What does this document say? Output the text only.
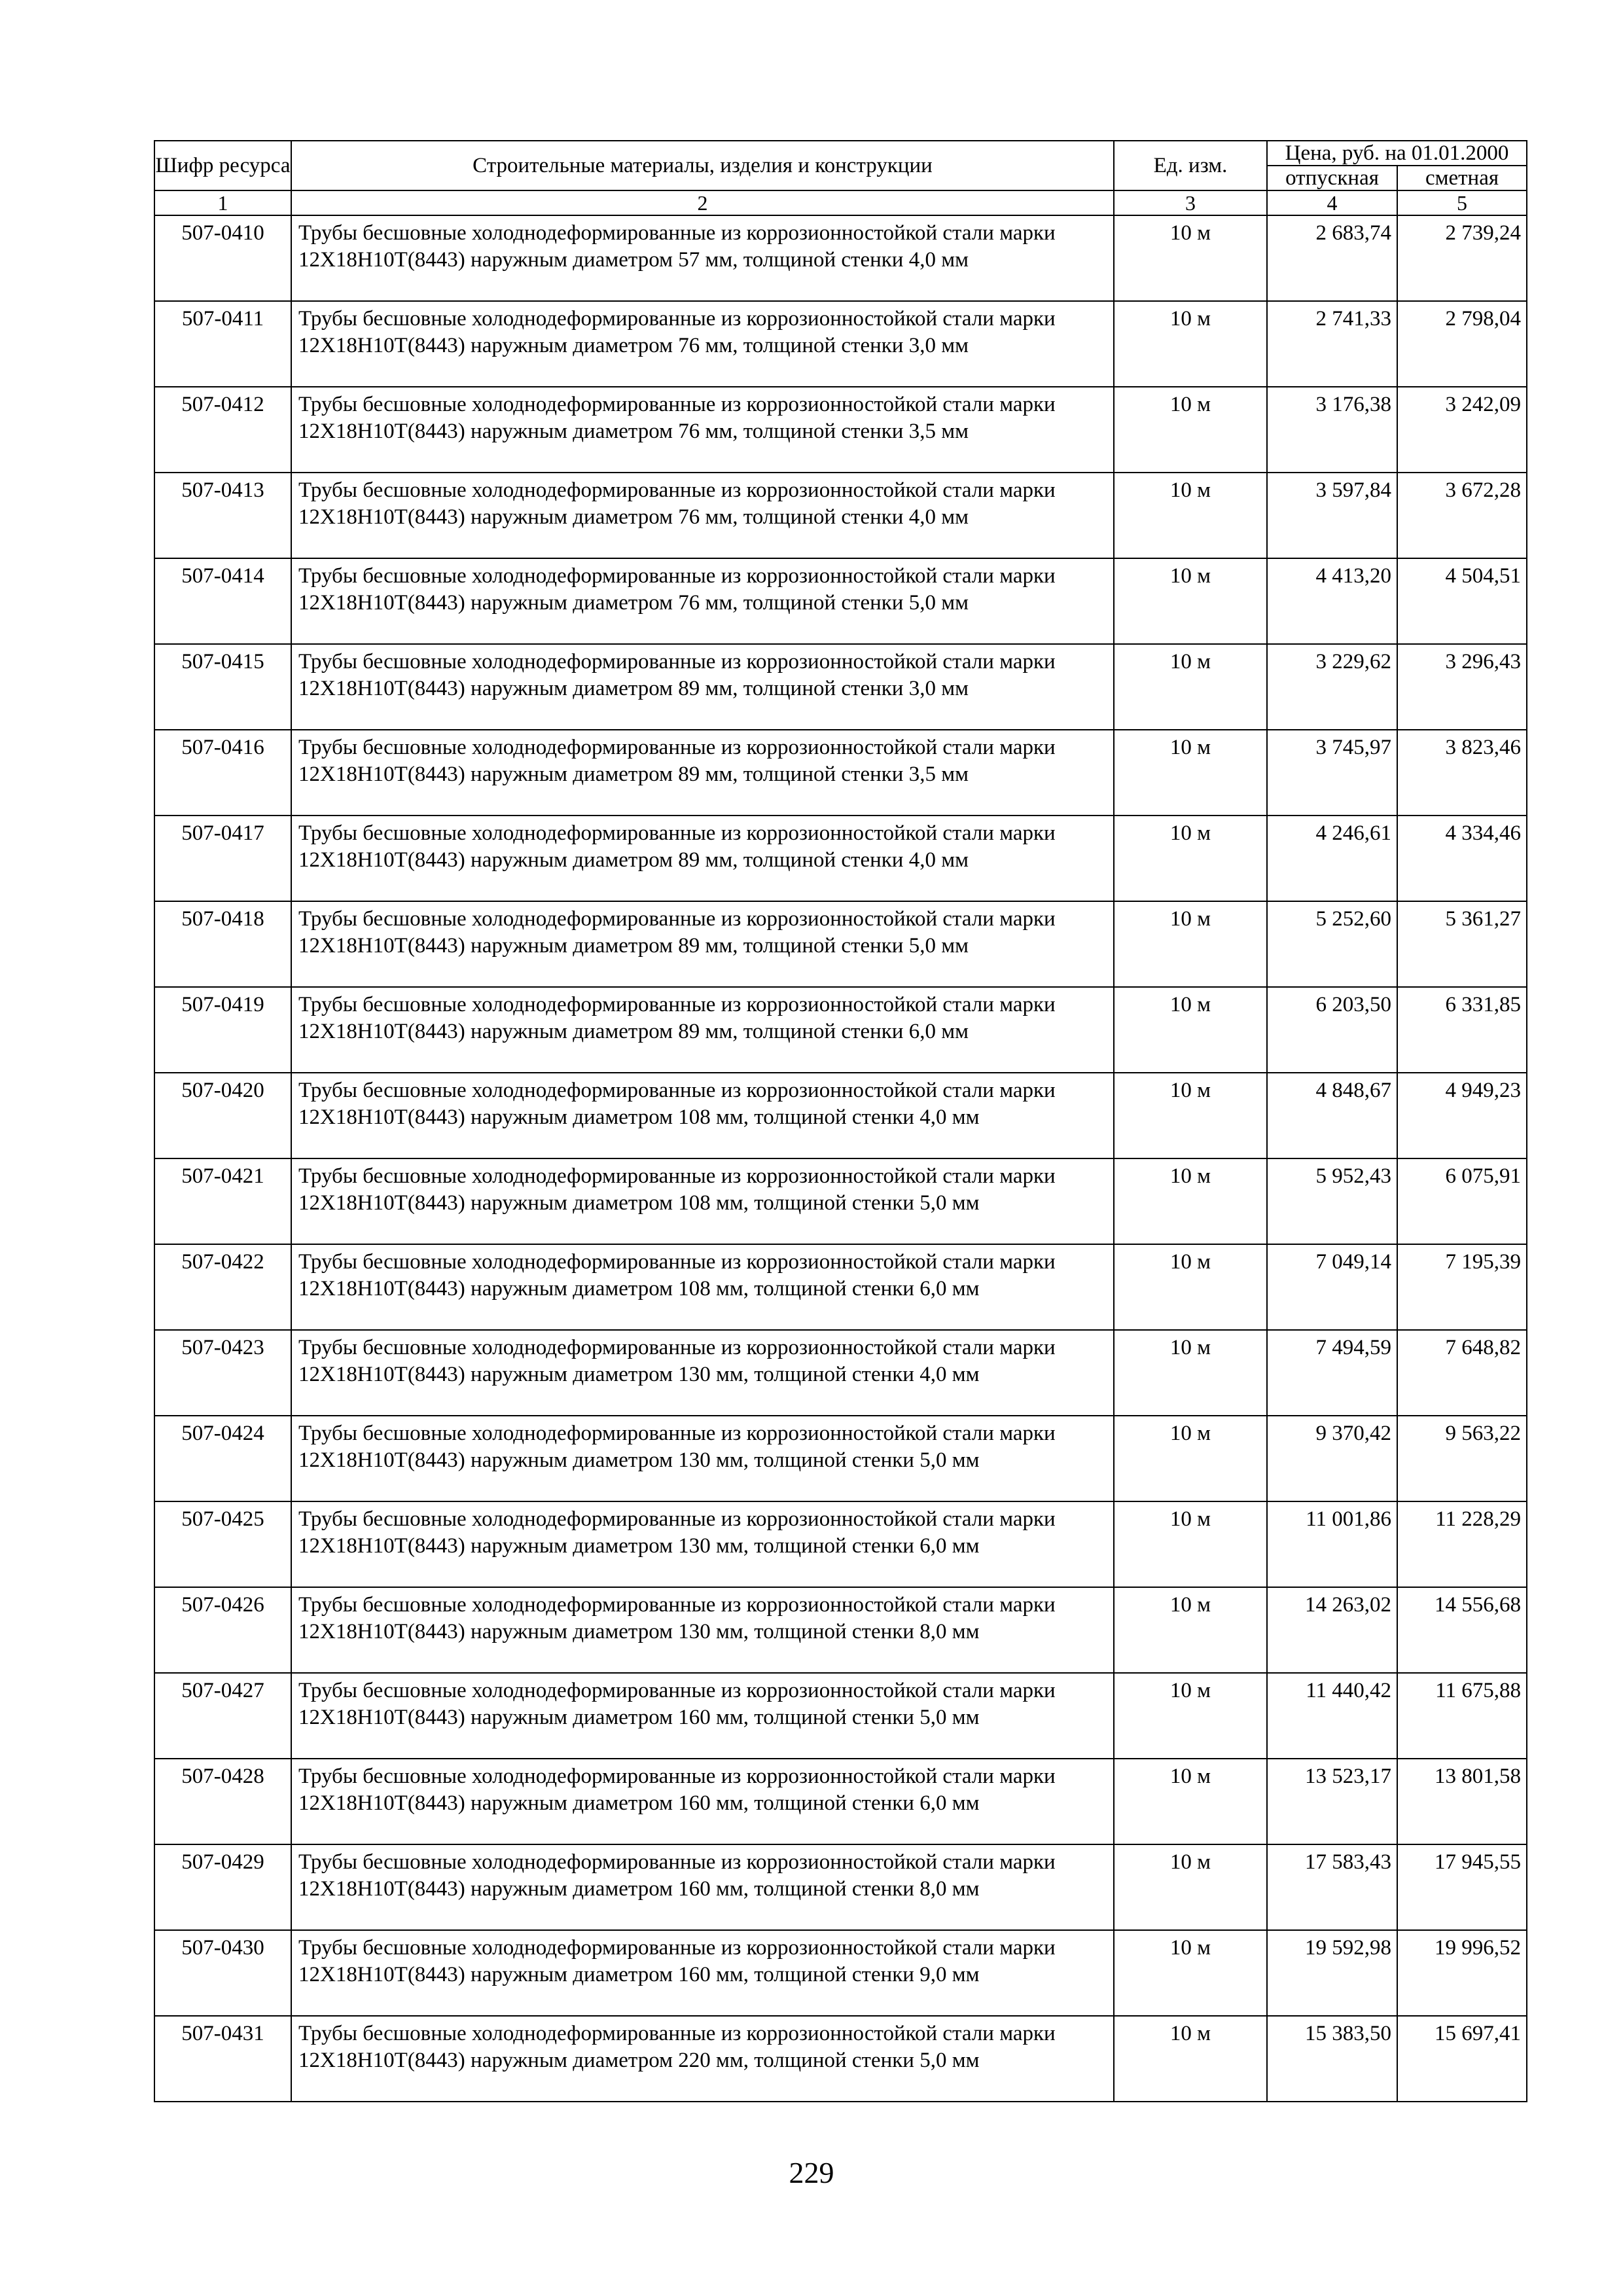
Шифр ресурса	Строительные материалы, изделия и конструкции	Ед. изм.	Цена, руб. на 01.01.2000	
			отпускная	сметная
1	2	3	4	5
507-0410	Трубы бесшовные холоднодеформированные из коррозионностойкой стали марки 12Х18Н10Т(8443) наружным диаметром 57 мм, толщиной стенки 4,0 мм	10 м	2 683,74	2 739,24
507-0411	Трубы бесшовные холоднодеформированные из коррозионностойкой стали марки 12Х18Н10Т(8443) наружным диаметром 76 мм, толщиной стенки 3,0 мм	10 м	2 741,33	2 798,04
507-0412	Трубы бесшовные холоднодеформированные из коррозионностойкой стали марки 12Х18Н10Т(8443) наружным диаметром 76 мм, толщиной стенки 3,5 мм	10 м	3 176,38	3 242,09
507-0413	Трубы бесшовные холоднодеформированные из коррозионностойкой стали марки 12Х18Н10Т(8443) наружным диаметром 76 мм, толщиной стенки 4,0 мм	10 м	3 597,84	3 672,28
507-0414	Трубы бесшовные холоднодеформированные из коррозионностойкой стали марки 12Х18Н10Т(8443) наружным диаметром 76 мм, толщиной стенки 5,0 мм	10 м	4 413,20	4 504,51
507-0415	Трубы бесшовные холоднодеформированные из коррозионностойкой стали марки 12Х18Н10Т(8443) наружным диаметром 89 мм, толщиной стенки 3,0 мм	10 м	3 229,62	3 296,43
507-0416	Трубы бесшовные холоднодеформированные из коррозионностойкой стали марки 12Х18Н10Т(8443) наружным диаметром 89 мм, толщиной стенки 3,5 мм	10 м	3 745,97	3 823,46
507-0417	Трубы бесшовные холоднодеформированные из коррозионностойкой стали марки 12Х18Н10Т(8443) наружным диаметром 89 мм, толщиной стенки 4,0 мм	10 м	4 246,61	4 334,46
507-0418	Трубы бесшовные холоднодеформированные из коррозионностойкой стали марки 12Х18Н10Т(8443) наружным диаметром 89 мм, толщиной стенки 5,0 мм	10 м	5 252,60	5 361,27
507-0419	Трубы бесшовные холоднодеформированные из коррозионностойкой стали марки 12Х18Н10Т(8443) наружным диаметром 89 мм, толщиной стенки 6,0 мм	10 м	6 203,50	6 331,85
507-0420	Трубы бесшовные холоднодеформированные из коррозионностойкой стали марки 12Х18Н10Т(8443) наружным диаметром 108 мм, толщиной стенки 4,0 мм	10 м	4 848,67	4 949,23
507-0421	Трубы бесшовные холоднодеформированные из коррозионностойкой стали марки 12Х18Н10Т(8443) наружным диаметром 108 мм, толщиной стенки 5,0 мм	10 м	5 952,43	6 075,91
507-0422	Трубы бесшовные холоднодеформированные из коррозионностойкой стали марки 12Х18Н10Т(8443) наружным диаметром 108 мм, толщиной стенки 6,0 мм	10 м	7 049,14	7 195,39
507-0423	Трубы бесшовные холоднодеформированные из коррозионностойкой стали марки 12Х18Н10Т(8443) наружным диаметром 130 мм, толщиной стенки 4,0 мм	10 м	7 494,59	7 648,82
507-0424	Трубы бесшовные холоднодеформированные из коррозионностойкой стали марки 12Х18Н10Т(8443) наружным диаметром 130 мм, толщиной стенки 5,0 мм	10 м	9 370,42	9 563,22
507-0425	Трубы бесшовные холоднодеформированные из коррозионностойкой стали марки 12Х18Н10Т(8443) наружным диаметром 130 мм, толщиной стенки 6,0 мм	10 м	11 001,86	11 228,29
507-0426	Трубы бесшовные холоднодеформированные из коррозионностойкой стали марки 12Х18Н10Т(8443) наружным диаметром 130 мм, толщиной стенки 8,0 мм	10 м	14 263,02	14 556,68
507-0427	Трубы бесшовные холоднодеформированные из коррозионностойкой стали марки 12Х18Н10Т(8443) наружным диаметром 160 мм, толщиной стенки 5,0 мм	10 м	11 440,42	11 675,88
507-0428	Трубы бесшовные холоднодеформированные из коррозионностойкой стали марки 12Х18Н10Т(8443) наружным диаметром 160 мм, толщиной стенки 6,0 мм	10 м	13 523,17	13 801,58
507-0429	Трубы бесшовные холоднодеформированные из коррозионностойкой стали марки 12Х18Н10Т(8443) наружным диаметром 160 мм, толщиной стенки 8,0 мм	10 м	17 583,43	17 945,55
507-0430	Трубы бесшовные холоднодеформированные из коррозионностойкой стали марки 12Х18Н10Т(8443) наружным диаметром 160 мм, толщиной стенки 9,0 мм	10 м	19 592,98	19 996,52
507-0431	Трубы бесшовные холоднодеформированные из коррозионностойкой стали марки 12Х18Н10Т(8443) наружным диаметром 220 мм, толщиной стенки 5,0 мм	10 м	15 383,50	15 697,41
229
